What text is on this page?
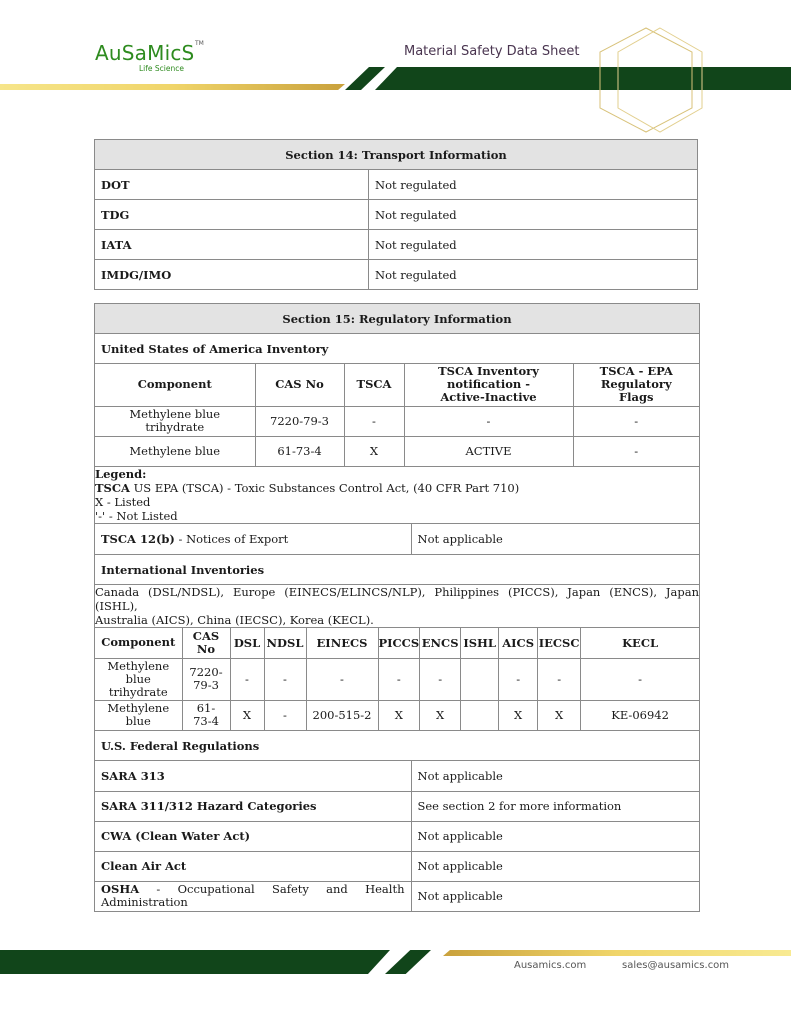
AuSaMicS TM
Life Science
Material Safety Data Sheet
Section 14: Transport Information	
DOT	Not regulated
TDG	Not regulated
IATA	Not regulated
IMDG/IMO	Not regulated
Section 15: Regulatory Information
United States of America Inventory

Component	CAS No	TSCA	TSCA Inventory notification - Active-Inactive	TSCA - EPA Regulatory Flags
Methylene blue trihydrate	7220-79-3	-	-	-
Methylene blue	61-73-4	X	ACTIVE	-

Legend:
TSCA US EPA (TSCA) - Toxic Substances Control Act, (40 CFR Part 710)
X - Listed
'-' - Not Listed

TSCA 12(b) - Notices of Export	Not applicable

International Inventories

Canada (DSL/NDSL), Europe (EINECS/ELINCS/NLP), Philippines (PICCS), Japan (ENCS), Japan (ISHL),
Australia (AICS), China (IECSC), Korea (KECL).

Component	CAS No	DSL	NDSL	EINECS	PICCS	ENCS	ISHL	AICS	IECSC	KECL
Methylene blue trihydrate	7220-79-3	-	-	-	-	-		-	-	-
Methylene blue	61-73-4	X	-	200-515-2	X	X		X	X	KE-06942

U.S. Federal Regulations

SARA 313	Not applicable
SARA 311/312 Hazard Categories	See section 2 for more information
CWA (Clean Water Act)	Not applicable
Clean Air Act	Not applicable

OSHA - Occupational Safety and Health
Administration	Not applicable
Ausamics.com	sales@ausamics.com
